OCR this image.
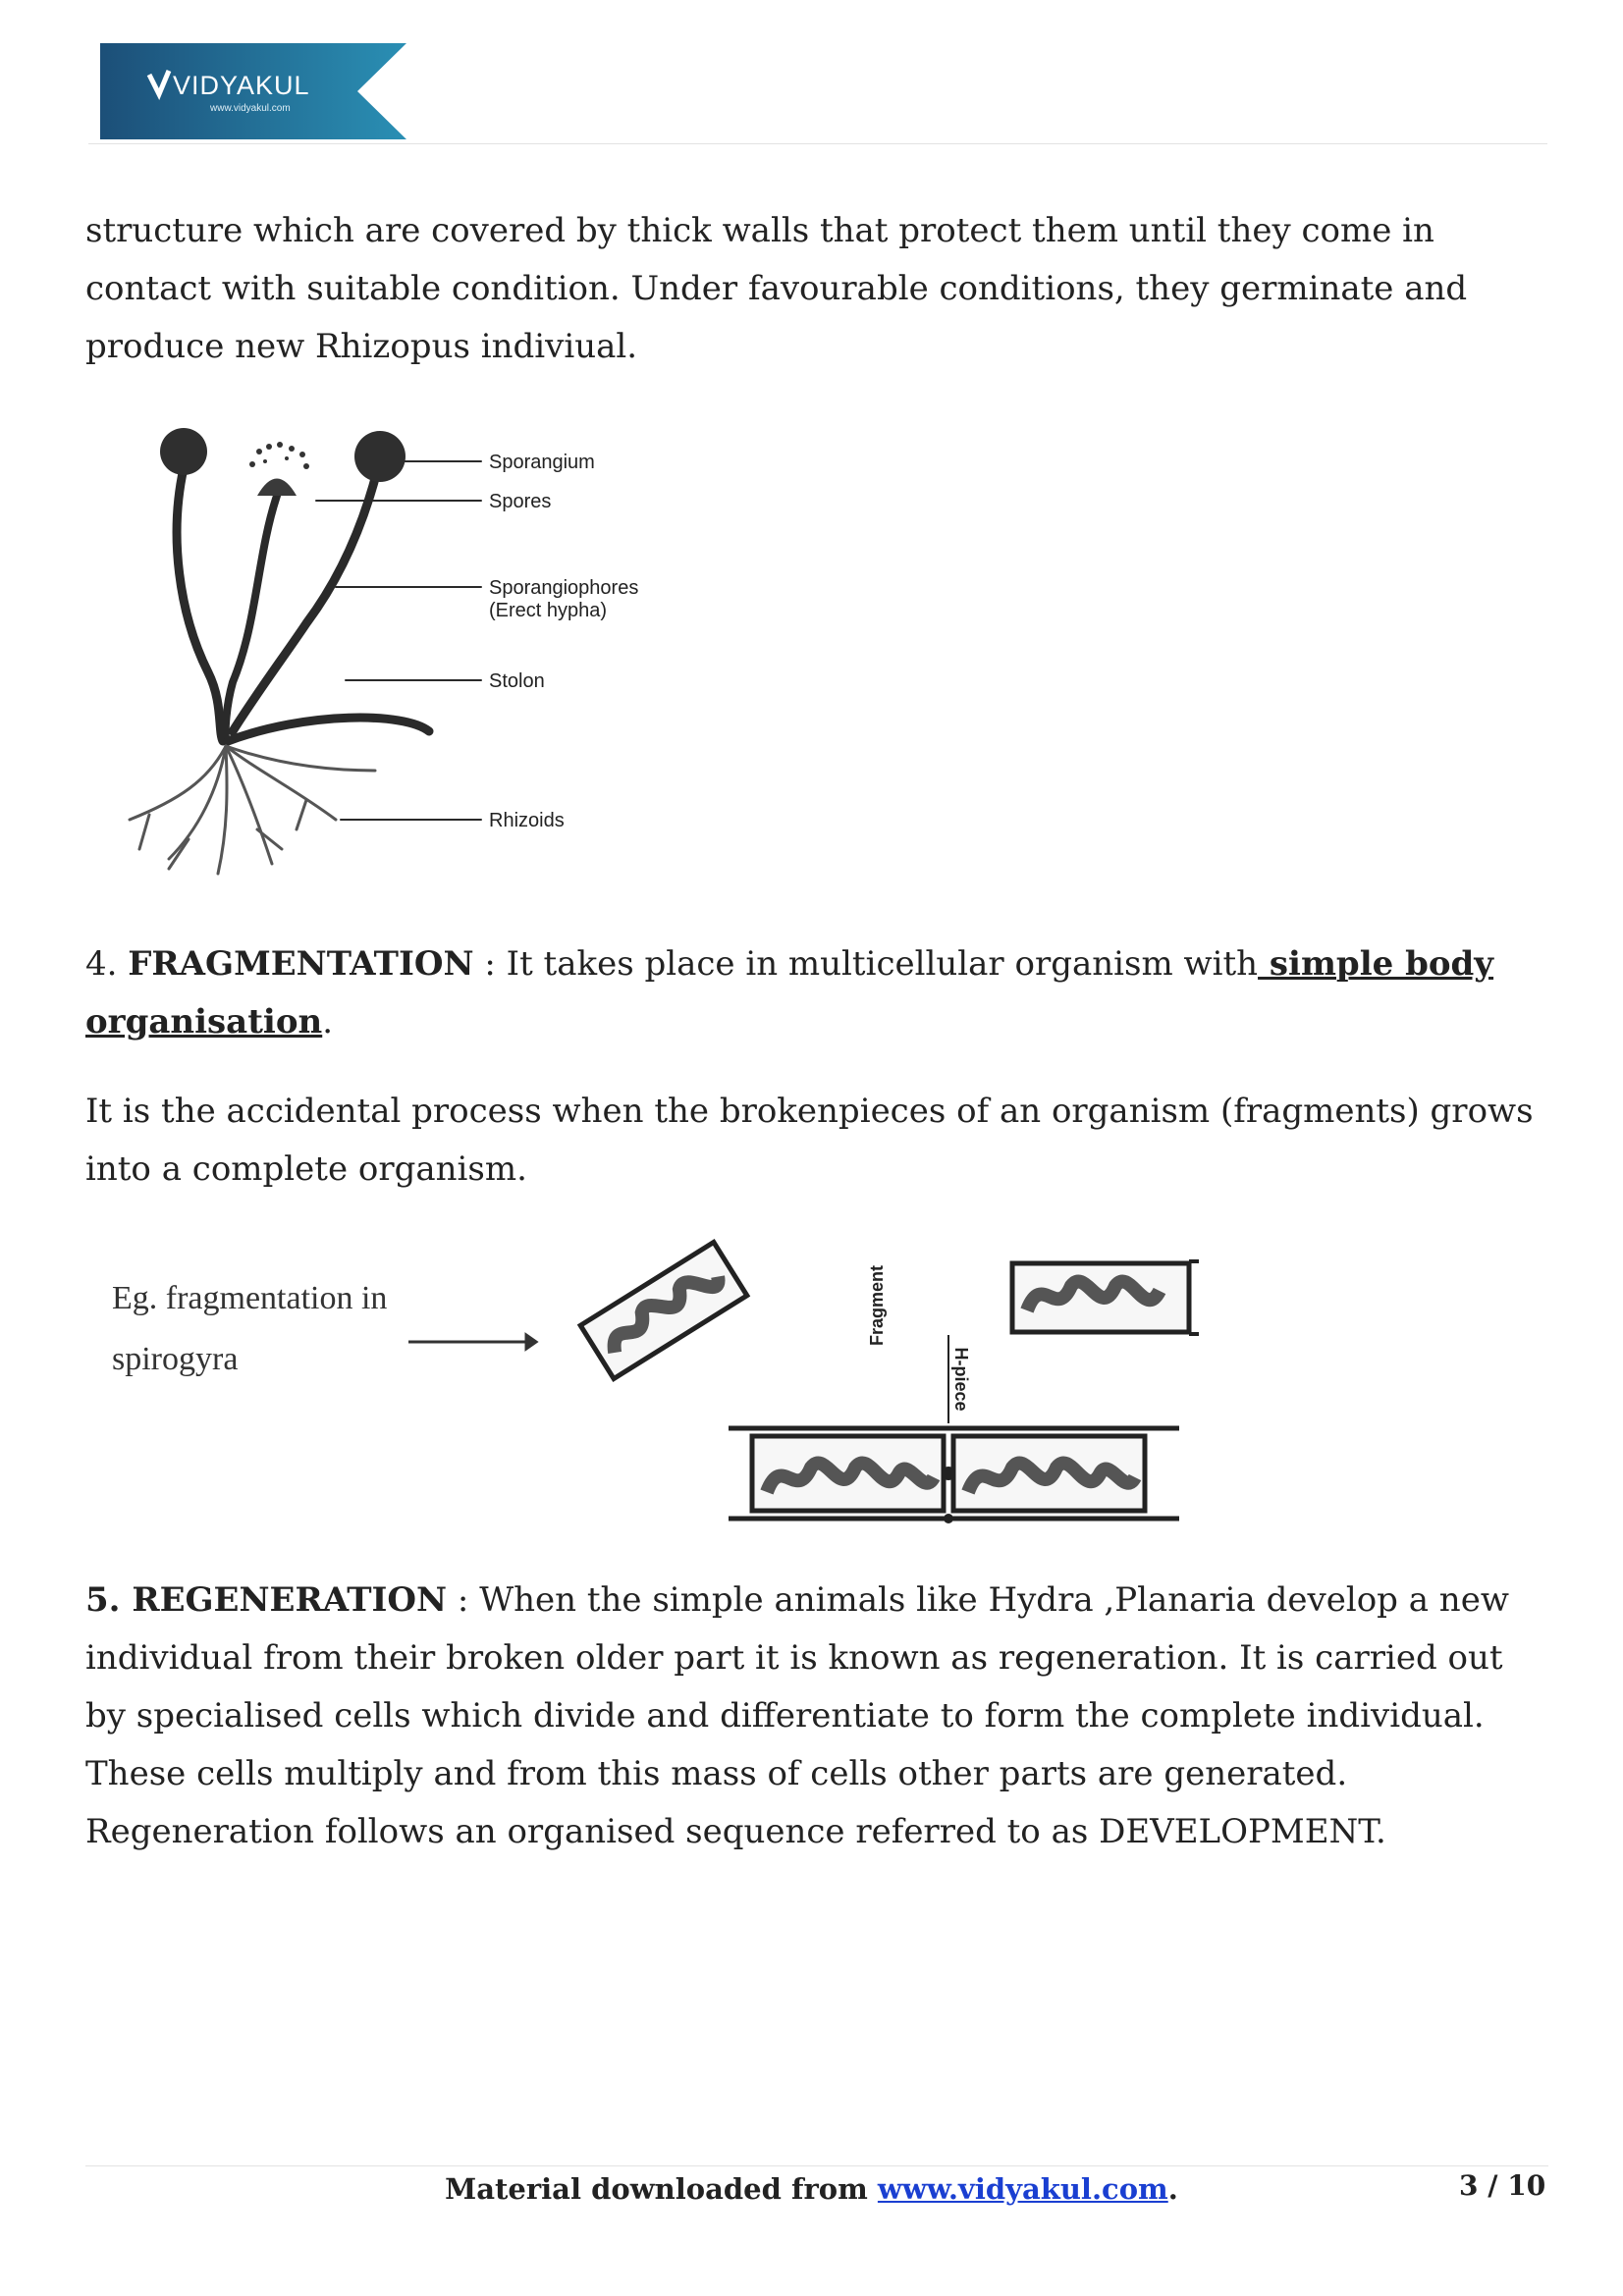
VIDYAKUL
www.vidyakul.com

structure which are covered by thick walls that protect them until they come in contact with suitable condition. Under favourable conditions, they germinate and produce new Rhizopus indiviual.

Sporangium
Spores
Sporangiophores
(Erect hypha)
Stolon
Rhizoids

4. FRAGMENTATION : It takes place in multicellular organism with simple body
organisation.

It is the accidental process when the brokenpieces of an organism (fragments) grows into a complete organism.

Eg. fragmentation in
spirogyra
Fragment
H-piece

5. REGENERATION : When the simple animals like Hydra ,Planaria develop a new individual from their broken older part it is known as regeneration. It is carried out by specialised cells which divide and differentiate to form the complete individual. These cells multiply and from this mass of cells other parts are generated. Regeneration follows an organised sequence referred to as DEVELOPMENT.

Material downloaded from www.vidyakul.com.	3 / 10
